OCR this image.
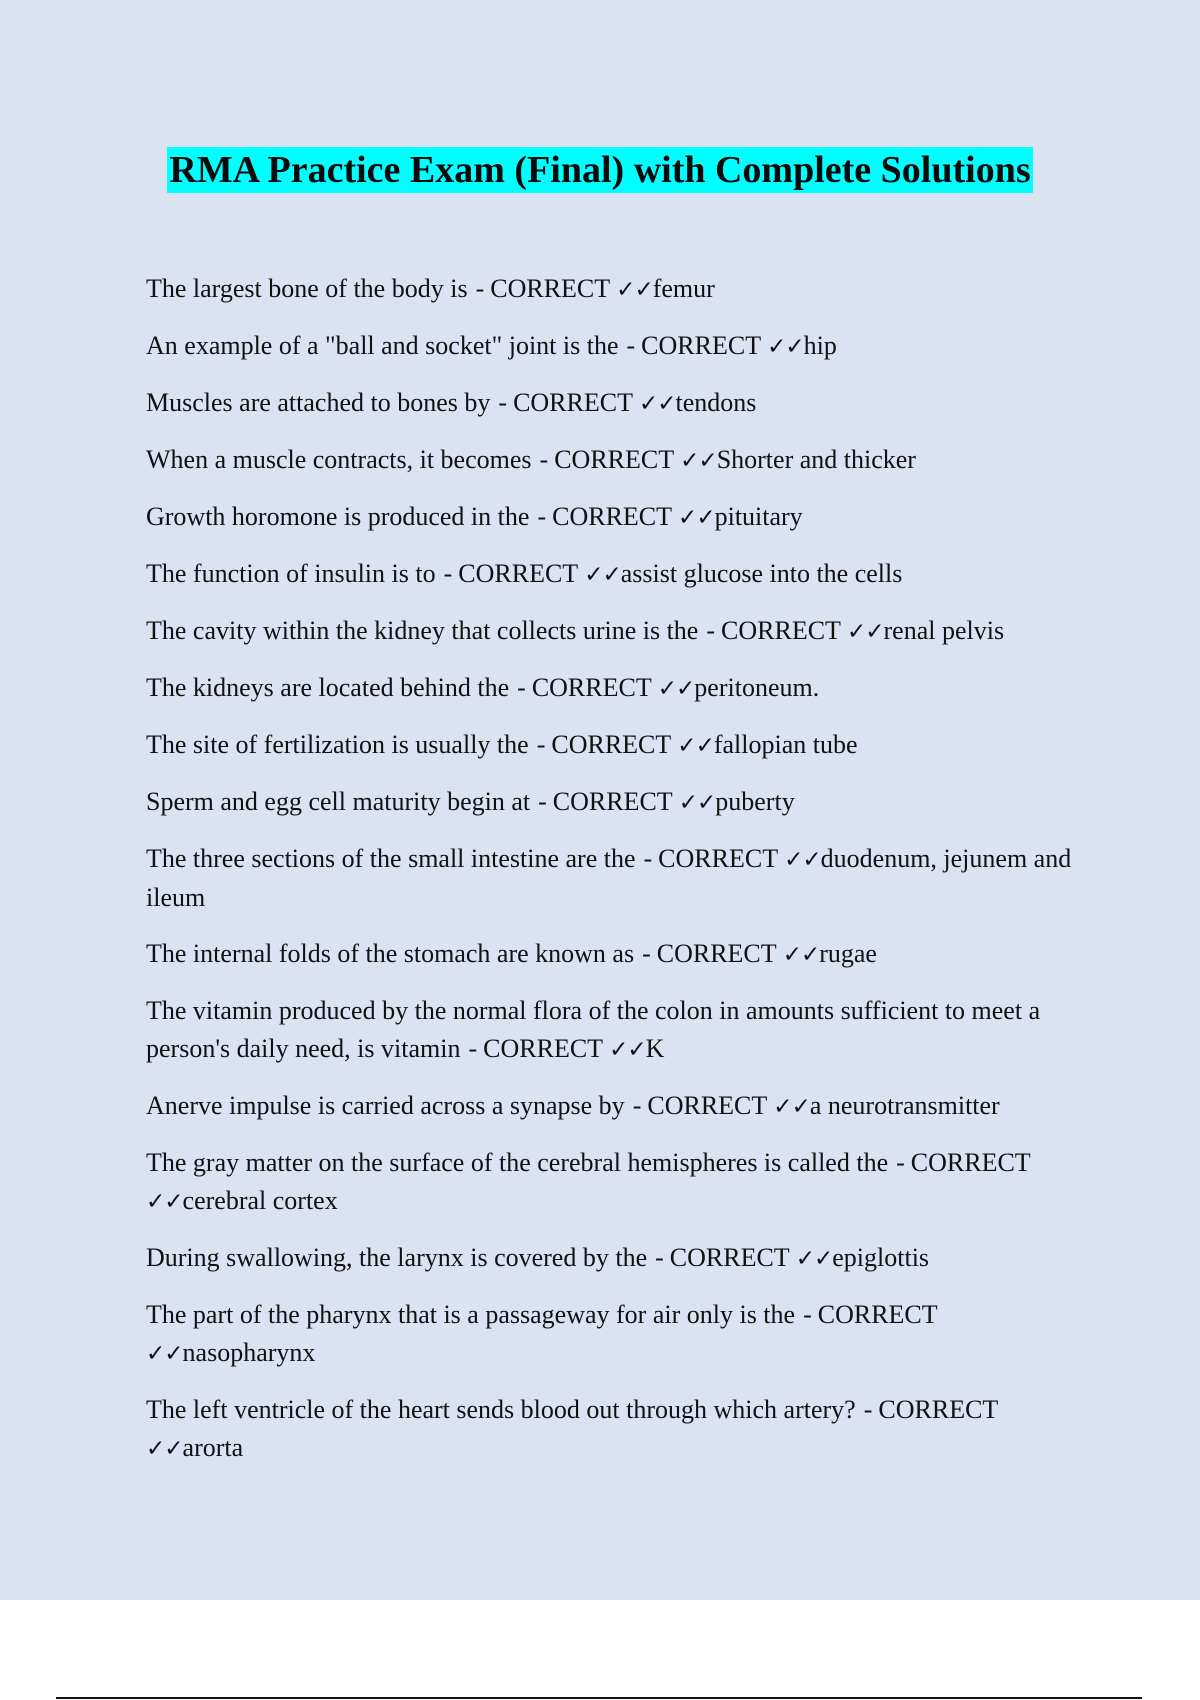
RMA Practice Exam (Final) with Complete Solutions

The largest bone of the body is - CORRECT ✓✓femur

An example of a "ball and socket" joint is the - CORRECT ✓✓hip

Muscles are attached to bones by - CORRECT ✓✓tendons

When a muscle contracts, it becomes - CORRECT ✓✓Shorter and thicker

Growth horomone is produced in the - CORRECT ✓✓pituitary

The function of insulin is to - CORRECT ✓✓assist glucose into the cells

The cavity within the kidney that collects urine is the - CORRECT ✓✓renal pelvis

The kidneys are located behind the - CORRECT ✓✓peritoneum.

The site of fertilization is usually the - CORRECT ✓✓fallopian tube

Sperm and egg cell maturity begin at - CORRECT ✓✓puberty

The three sections of the small intestine are the - CORRECT ✓✓duodenum, jejunem and ileum

The internal folds of the stomach are known as - CORRECT ✓✓rugae

The vitamin produced by the normal flora of the colon in amounts sufficient to meet a person's daily need, is vitamin - CORRECT ✓✓K

Anerve impulse is carried across a synapse by - CORRECT ✓✓a neurotransmitter

The gray matter on the surface of the cerebral hemispheres is called the - CORRECT ✓✓cerebral cortex

During swallowing, the larynx is covered by the - CORRECT ✓✓epiglottis

The part of the pharynx that is a passageway for air only is the - CORRECT ✓✓nasopharynx

The left ventricle of the heart sends blood out through which artery? - CORRECT ✓✓arorta
